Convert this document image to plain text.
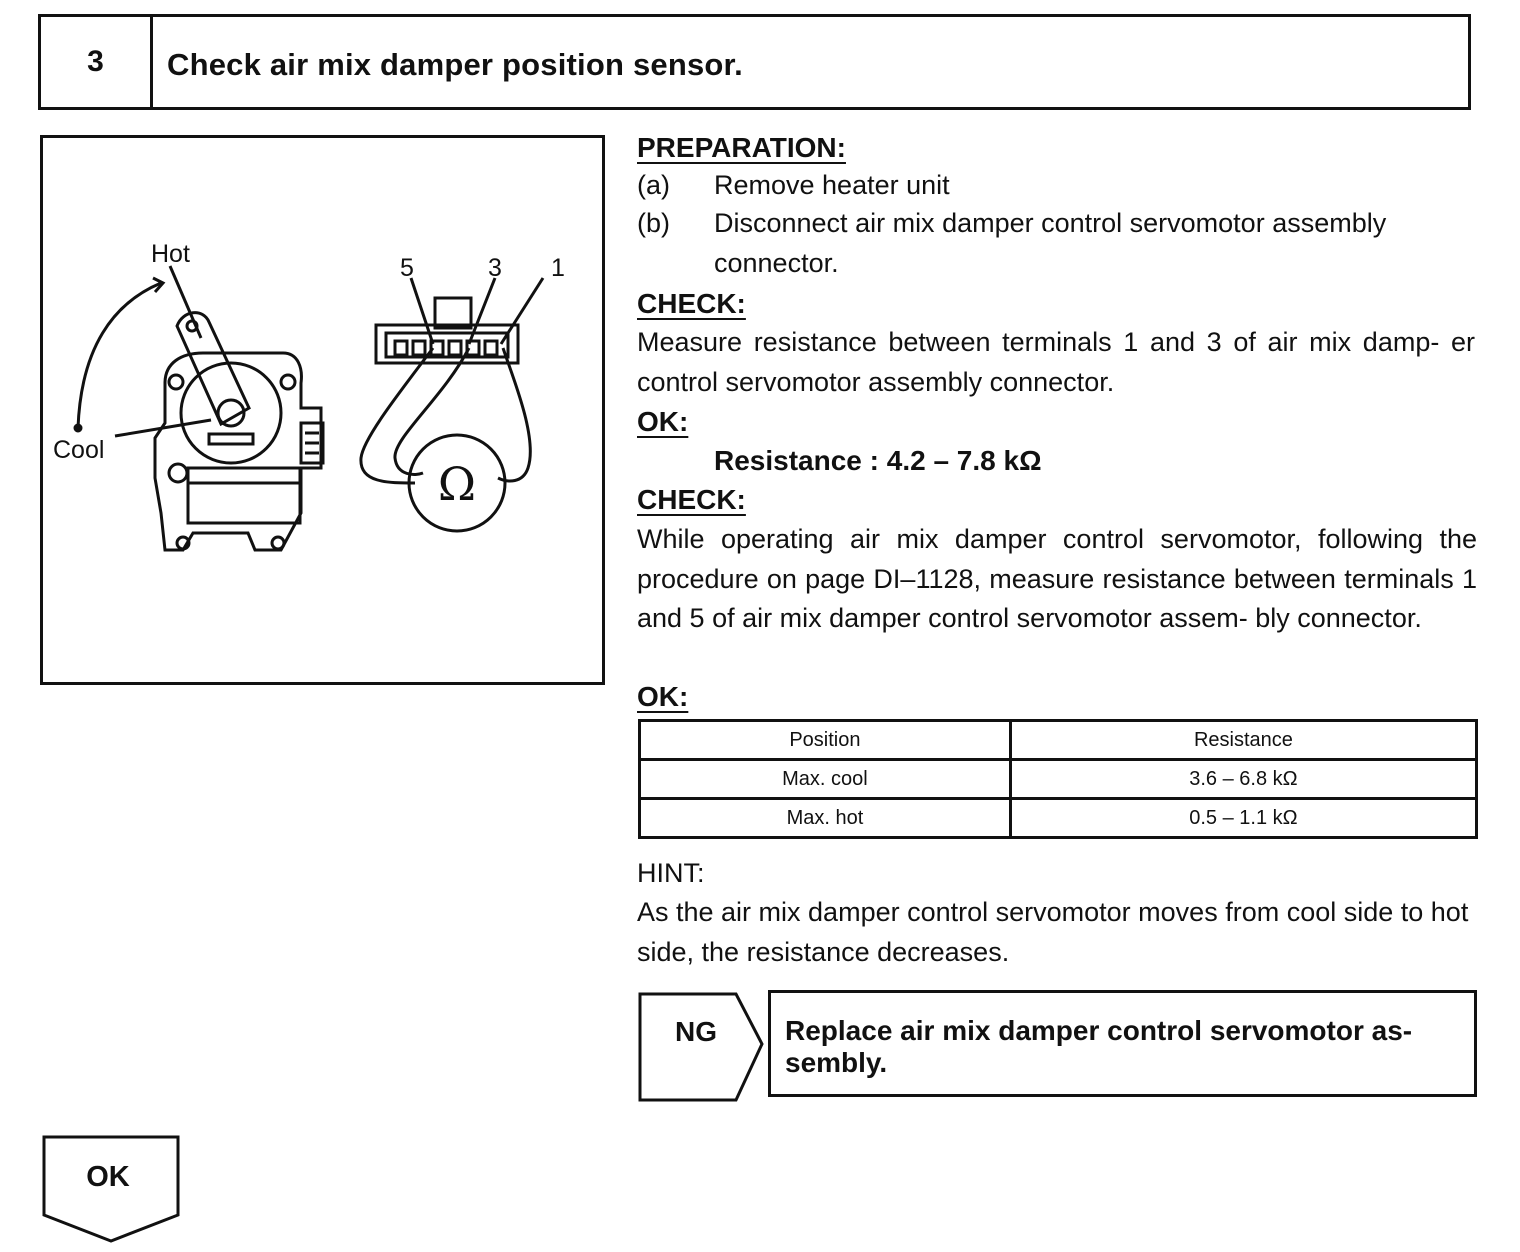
3	Check air mix damper position sensor.
Ω
Hot
Cool
5	3 1
PREPARATION:
(a) Remove heater unit
(b) Disconnect air mix damper control servomotor assembly
connector.
CHECK:
Measure resistance between terminals 1 and 3 of air mix damp- er control servomotor assembly connector.
OK:
Resistance : 4.2 – 7.8 kΩ
CHECK:
While operating air mix damper control servomotor, following the procedure on page DI–1128, measure resistance between terminals 1 and 5 of air mix damper control servomotor assem- bly connector.
OK:
Position	Resistance
Max. cool	3.6 – 6.8 kΩ
Max. hot	0.5 – 1.1 kΩ
HINT:
As the air mix damper control servomotor moves from cool side to hot side, the resistance decreases.
NG	Replace air mix damper control servomotor as- sembly.
OK
